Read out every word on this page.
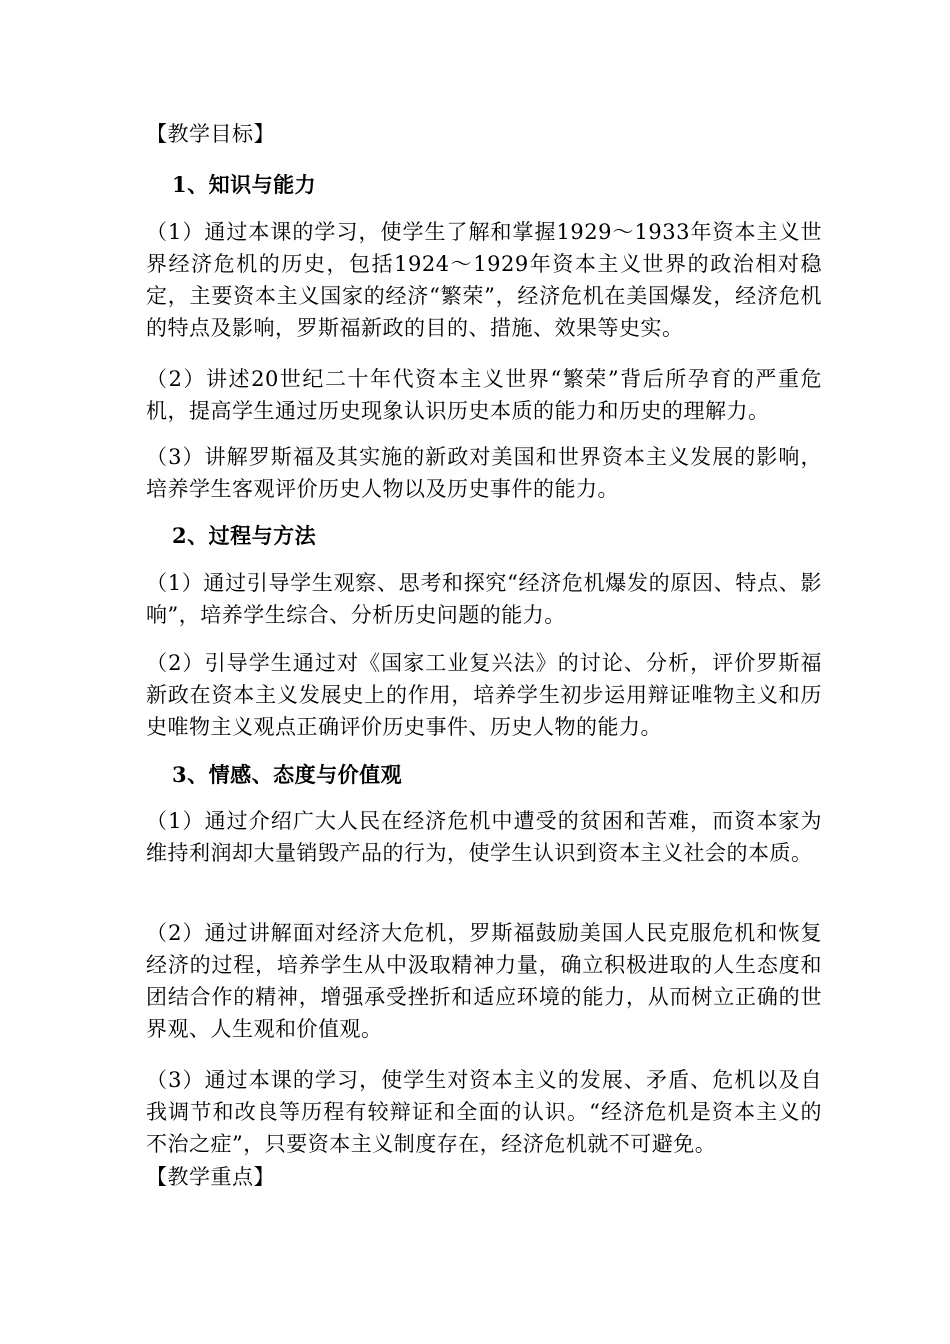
【教学目标】
1、知识与能力
（1）通过本课的学习，使学生了解和掌握1929～1933年资本主义世界经济危机的历史，包括1924～1929年资本主义世界的政治相对稳定，主要资本主义国家的经济“繁荣”，经济危机在美国爆发，经济危机的特点及影响，罗斯福新政的目的、措施、效果等史实。
（2）讲述20世纪二十年代资本主义世界“繁荣”背后所孕育的严重危机，提高学生通过历史现象认识历史本质的能力和历史的理解力。
（3）讲解罗斯福及其实施的新政对美国和世界资本主义发展的影响，培养学生客观评价历史人物以及历史事件的能力。
2、过程与方法
（1）通过引导学生观察、思考和探究“经济危机爆发的原因、特点、影响”，培养学生综合、分析历史问题的能力。
（2）引导学生通过对《国家工业复兴法》的讨论、分析，评价罗斯福新政在资本主义发展史上的作用，培养学生初步运用辩证唯物主义和历史唯物主义观点正确评价历史事件、历史人物的能力。
3、情感、态度与价值观
（1）通过介绍广大人民在经济危机中遭受的贫困和苦难，而资本家为维持利润却大量销毁产品的行为，使学生认识到资本主义社会的本质。
（2）通过讲解面对经济大危机，罗斯福鼓励美国人民克服危机和恢复经济的过程，培养学生从中汲取精神力量，确立积极进取的人生态度和团结合作的精神，增强承受挫折和适应环境的能力，从而树立正确的世界观、人生观和价值观。
（3）通过本课的学习，使学生对资本主义的发展、矛盾、危机以及自我调节和改良等历程有较辩证和全面的认识。“经济危机是资本主义的不治之症”，只要资本主义制度存在，经济危机就不可避免。
【教学重点】
